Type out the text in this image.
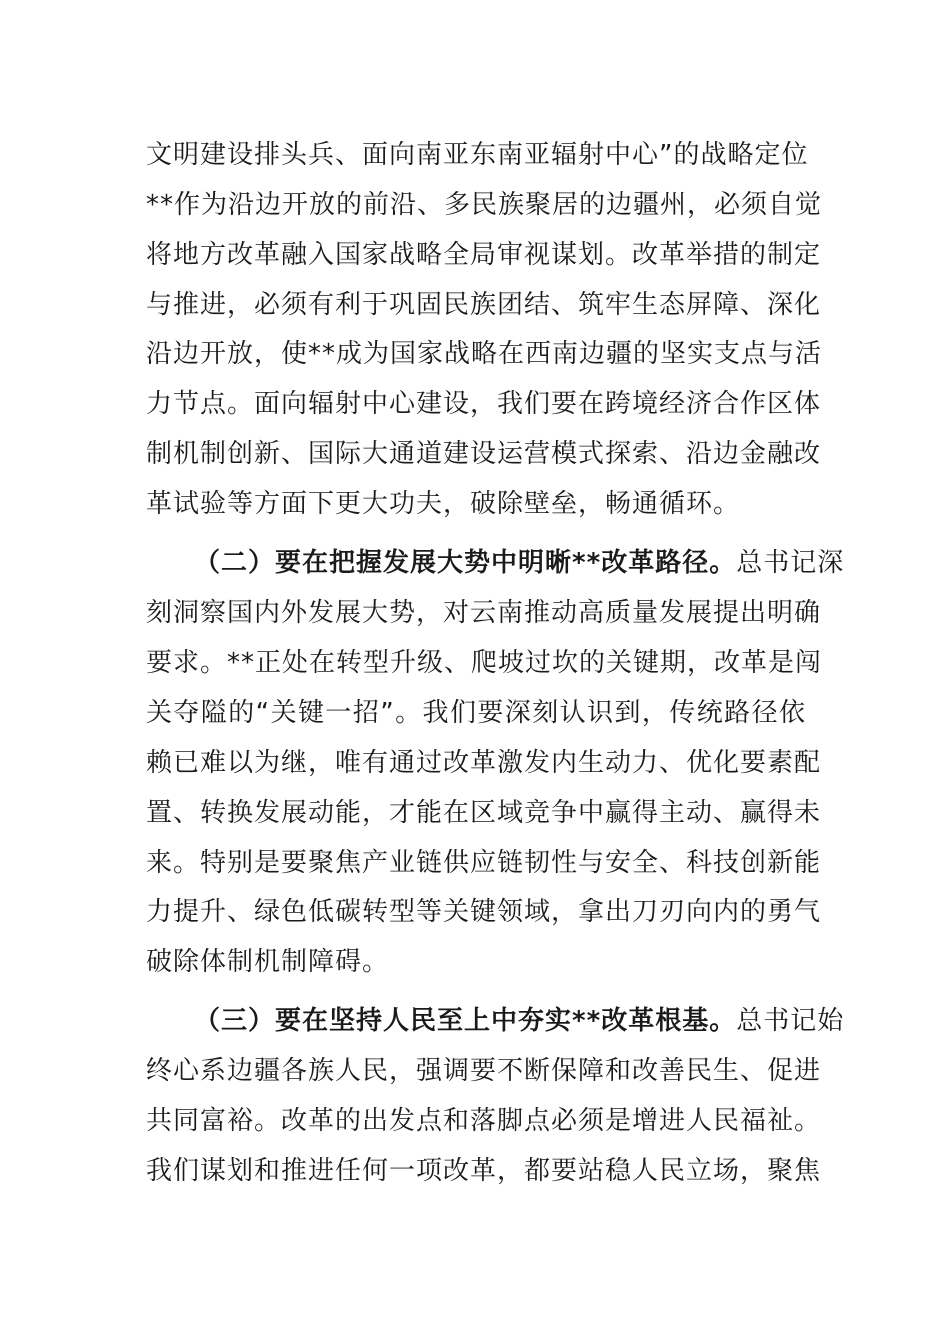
文明建设排头兵、面向南亚东南亚辐射中心”的战略定位
**作为沿边开放的前沿、多民族聚居的边疆州，必须自觉
将地方改革融入国家战略全局审视谋划。改革举措的制定
与推进，必须有利于巩固民族团结、筑牢生态屏障、深化
沿边开放，使**成为国家战略在西南边疆的坚实支点与活
力节点。面向辐射中心建设，我们要在跨境经济合作区体
制机制创新、国际大通道建设运营模式探索、沿边金融改
革试验等方面下更大功夫，破除壁垒，畅通循环。
（二）要在把握发展大势中明晰**改革路径。总书记深
刻洞察国内外发展大势，对云南推动高质量发展提出明确
要求。**正处在转型升级、爬坡过坎的关键期，改革是闯
关夺隘的“关键一招”。我们要深刻认识到，传统路径依
赖已难以为继，唯有通过改革激发内生动力、优化要素配
置、转换发展动能，才能在区域竞争中赢得主动、赢得未
来。特别是要聚焦产业链供应链韧性与安全、科技创新能
力提升、绿色低碳转型等关键领域，拿出刀刃向内的勇气
破除体制机制障碍。
（三）要在坚持人民至上中夯实**改革根基。总书记始
终心系边疆各族人民，强调要不断保障和改善民生、促进
共同富裕。改革的出发点和落脚点必须是增进人民福祉。
我们谋划和推进任何一项改革，都要站稳人民立场，聚焦
